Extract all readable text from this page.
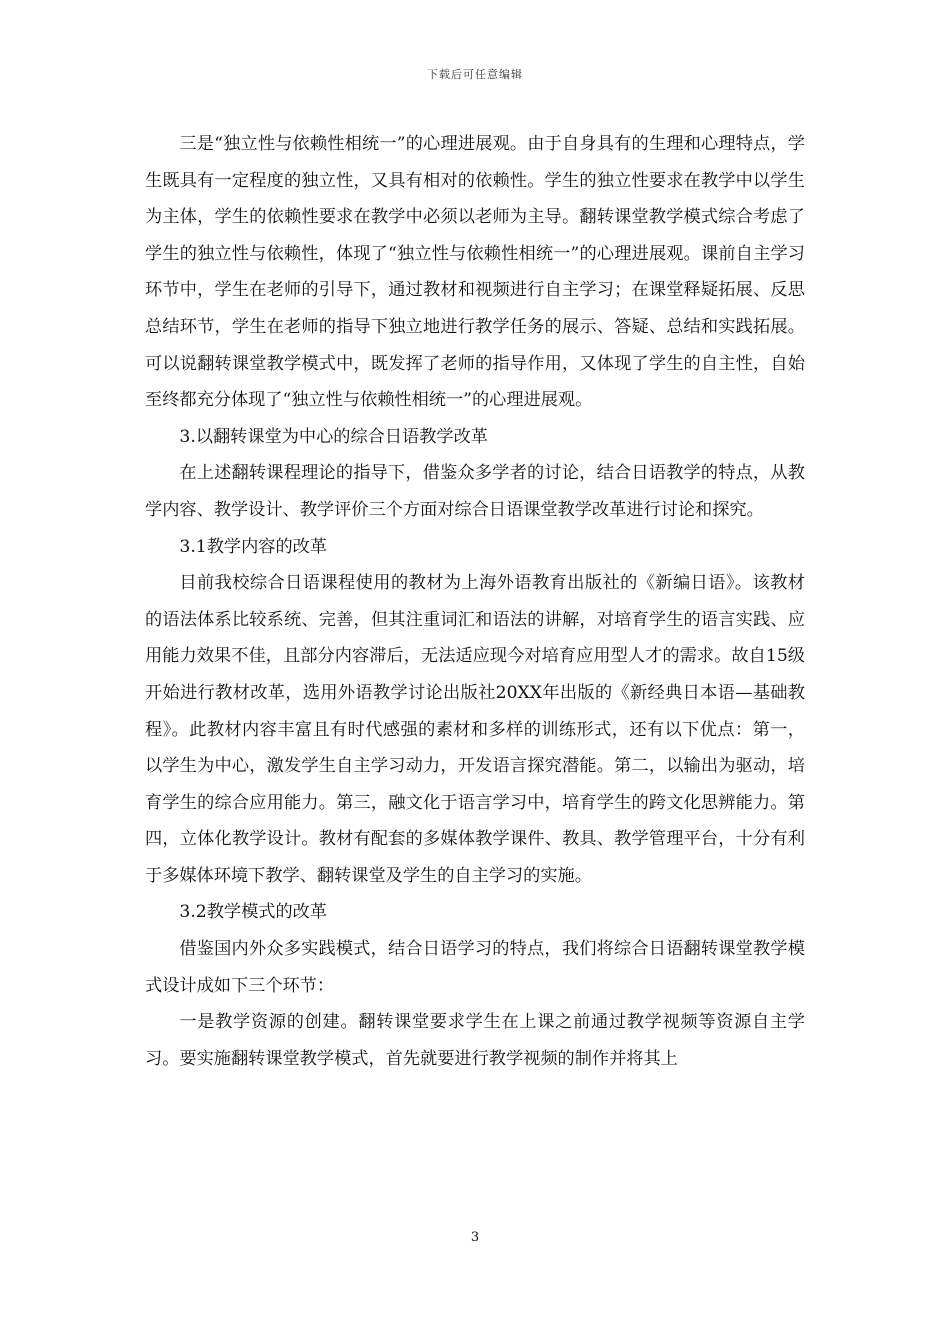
下载后可任意编辑

三是“独立性与依赖性相统一”的心理进展观。由于自身具有的生理和心理特点，学生既具有一定程度的独立性，又具有相对的依赖性。学生的独立性要求在教学中以学生为主体，学生的依赖性要求在教学中必须以老师为主导。翻转课堂教学模式综合考虑了学生的独立性与依赖性，体现了“独立性与依赖性相统一”的心理进展观。课前自主学习环节中，学生在老师的引导下，通过教材和视频进行自主学习；在课堂释疑拓展、反思总结环节，学生在老师的指导下独立地进行教学任务的展示、答疑、总结和实践拓展。可以说翻转课堂教学模式中，既发挥了老师的指导作用，又体现了学生的自主性，自始至终都充分体现了“独立性与依赖性相统一”的心理进展观。

3.以翻转课堂为中心的综合日语教学改革

在上述翻转课程理论的指导下，借鉴众多学者的讨论，结合日语教学的特点，从教学内容、教学设计、教学评价三个方面对综合日语课堂教学改革进行讨论和探究。

3.1教学内容的改革

目前我校综合日语课程使用的教材为上海外语教育出版社的《新编日语》。该教材的语法体系比较系统、完善，但其注重词汇和语法的讲解，对培育学生的语言实践、应用能力效果不佳，且部分内容滞后，无法适应现今对培育应用型人才的需求。故自15级开始进行教材改革，选用外语教学讨论出版社20XX年出版的《新经典日本语—基础教程》。此教材内容丰富且有时代感强的素材和多样的训练形式，还有以下优点：第一，以学生为中心，激发学生自主学习动力，开发语言探究潜能。第二，以输出为驱动，培育学生的综合应用能力。第三，融文化于语言学习中，培育学生的跨文化思辨能力。第四，立体化教学设计。教材有配套的多媒体教学课件、教具、教学管理平台，十分有利于多媒体环境下教学、翻转课堂及学生的自主学习的实施。

3.2教学模式的改革

借鉴国内外众多实践模式，结合日语学习的特点，我们将综合日语翻转课堂教学模式设计成如下三个环节：

一是教学资源的创建。翻转课堂要求学生在上课之前通过教学视频等资源自主学习。要实施翻转课堂教学模式，首先就要进行教学视频的制作并将其上

3
